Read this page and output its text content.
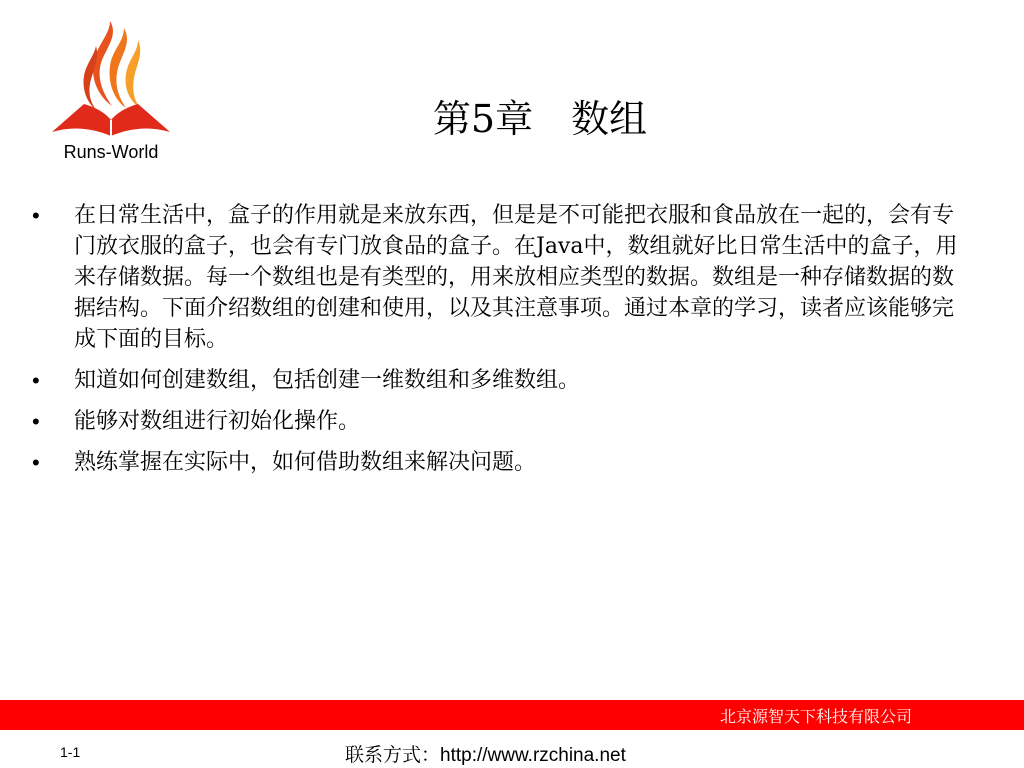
Runs-World
第5章　数组
• 在日常生活中，盒子的作用就是来放东西，但是是不可能把衣服和食品放在一起的，会有专门放衣服的盒子，也会有专门放食品的盒子。在Java中，数组就好比日常生活中的盒子，用来存储数据。每一个数组也是有类型的，用来放相应类型的数据。数组是一种存储数据的数据结构。下面介绍数组的创建和使用，以及其注意事项。通过本章的学习，读者应该能够完成下面的目标。
• 知道如何创建数组，包括创建一维数组和多维数组。
• 能够对数组进行初始化操作。
• 熟练掌握在实际中，如何借助数组来解决问题。
北京源智天下科技有限公司
1-1	联系方式：http://www.rzchina.net
